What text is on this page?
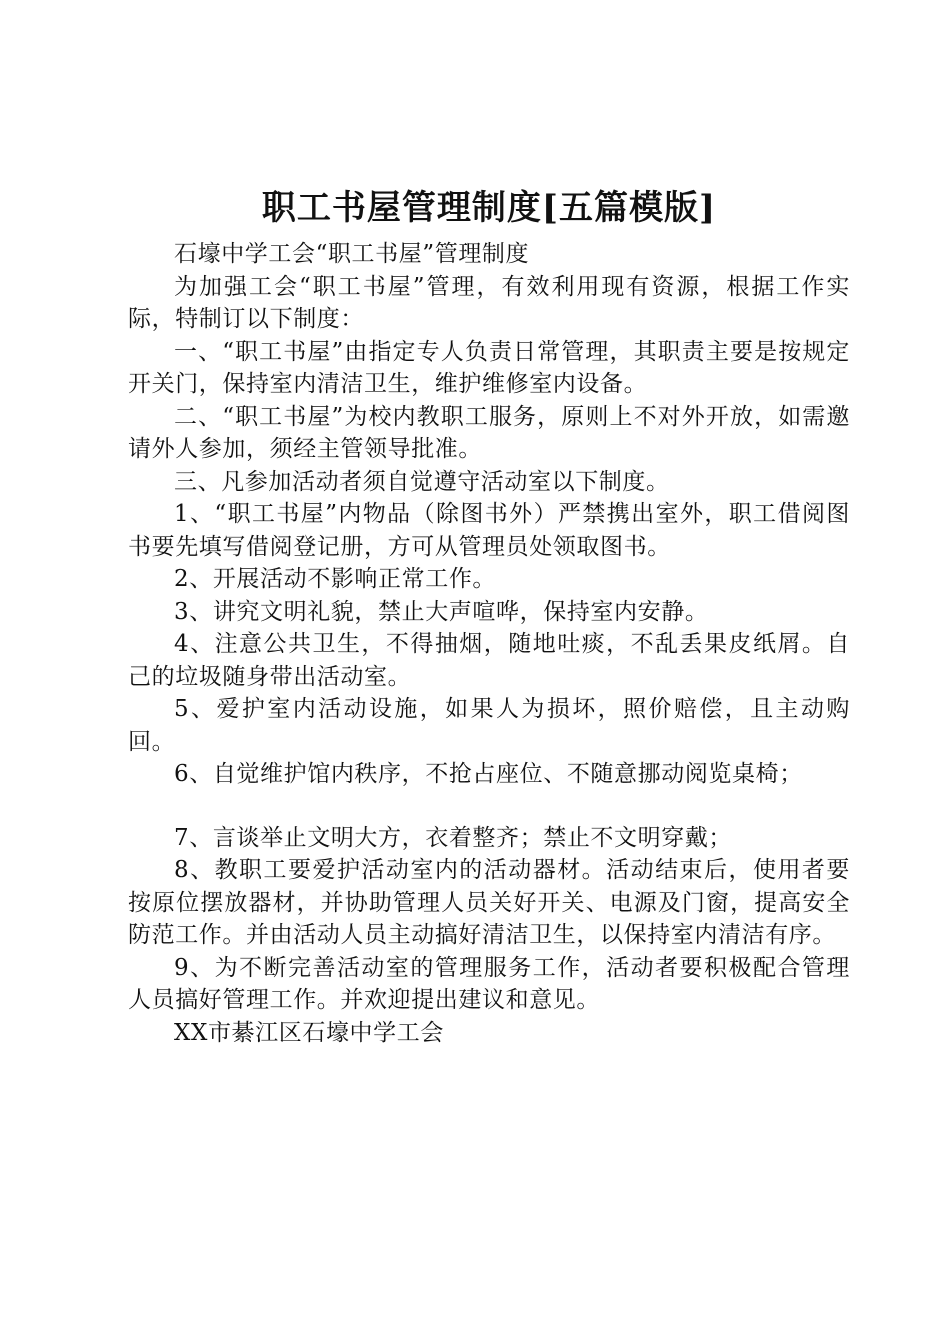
职工书屋管理制度[五篇模版]

石壕中学工会“职工书屋”管理制度

为加强工会“职工书屋”管理，有效利用现有资源，根据工作实际，特制订以下制度：

一、“职工书屋”由指定专人负责日常管理，其职责主要是按规定开关门，保持室内清洁卫生，维护维修室内设备。

二、“职工书屋”为校内教职工服务，原则上不对外开放，如需邀请外人参加，须经主管领导批准。

三、凡参加活动者须自觉遵守活动室以下制度。

1、“职工书屋”内物品（除图书外）严禁携出室外，职工借阅图书要先填写借阅登记册，方可从管理员处领取图书。

2、开展活动不影响正常工作。

3、讲究文明礼貌，禁止大声喧哗，保持室内安静。

4、注意公共卫生，不得抽烟，随地吐痰，不乱丢果皮纸屑。自己的垃圾随身带出活动室。

5、爱护室内活动设施，如果人为损坏，照价赔偿，且主动购回。

6、自觉维护馆内秩序，不抢占座位、不随意挪动阅览桌椅；

7、言谈举止文明大方，衣着整齐；禁止不文明穿戴；

8、教职工要爱护活动室内的活动器材。活动结束后，使用者要按原位摆放器材，并协助管理人员关好开关、电源及门窗，提高安全防范工作。并由活动人员主动搞好清洁卫生，以保持室内清洁有序。

9、为不断完善活动室的管理服务工作，活动者要积极配合管理人员搞好管理工作。并欢迎提出建议和意见。

XX市綦江区石壕中学工会
